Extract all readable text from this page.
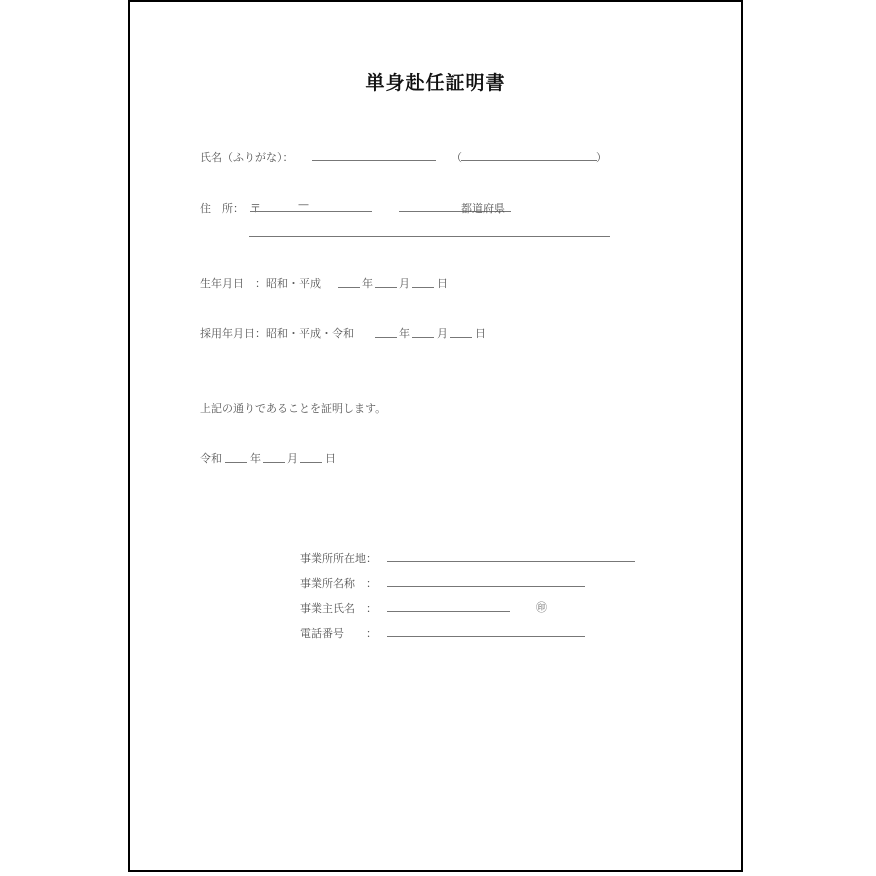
単身赴任証明書
氏名（ふりがな）：	（	）
住　所： 〒	—	都道府県
生年月日　：昭和・平成	年 月 日
採用年月日：昭和・平成・令和	年 月 日
上記の通りであることを証明します。
令和	年 月 日
事業所所在地：
事業所名称　：
事業主氏名　：	㊞
電話番号　　：
